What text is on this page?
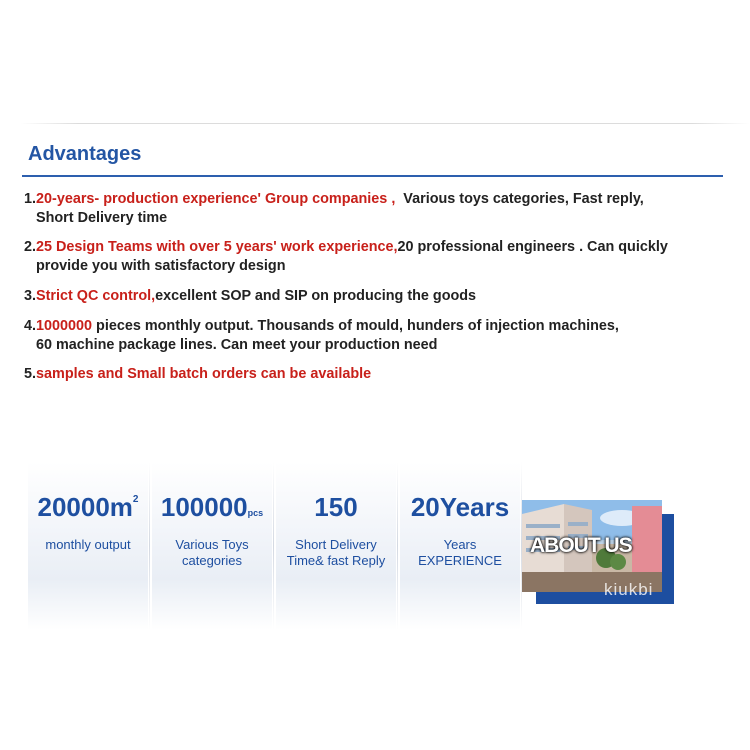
Advantages
1.20-years- production experience' Group companies ,  Various toys categories, Fast reply,
Short Delivery time
2.25 Design Teams with over 5 years' work experience,20 professional engineers . Can quickly
provide you with satisfactory design
3.Strict QC control,excellent SOP and SIP on producing the goods
4.1000000 pieces monthly output. Thousands of mould, hunders of injection machines,
60 machine package lines. Can meet your production need
5.samples and Small batch orders can be available
$20000m^2$
monthly output
100000pcs
Various Toys
categories
150
Short Delivery
Time& fast Reply
20Years
Years
EXPERIENCE
ABOUT US
kiukbi
